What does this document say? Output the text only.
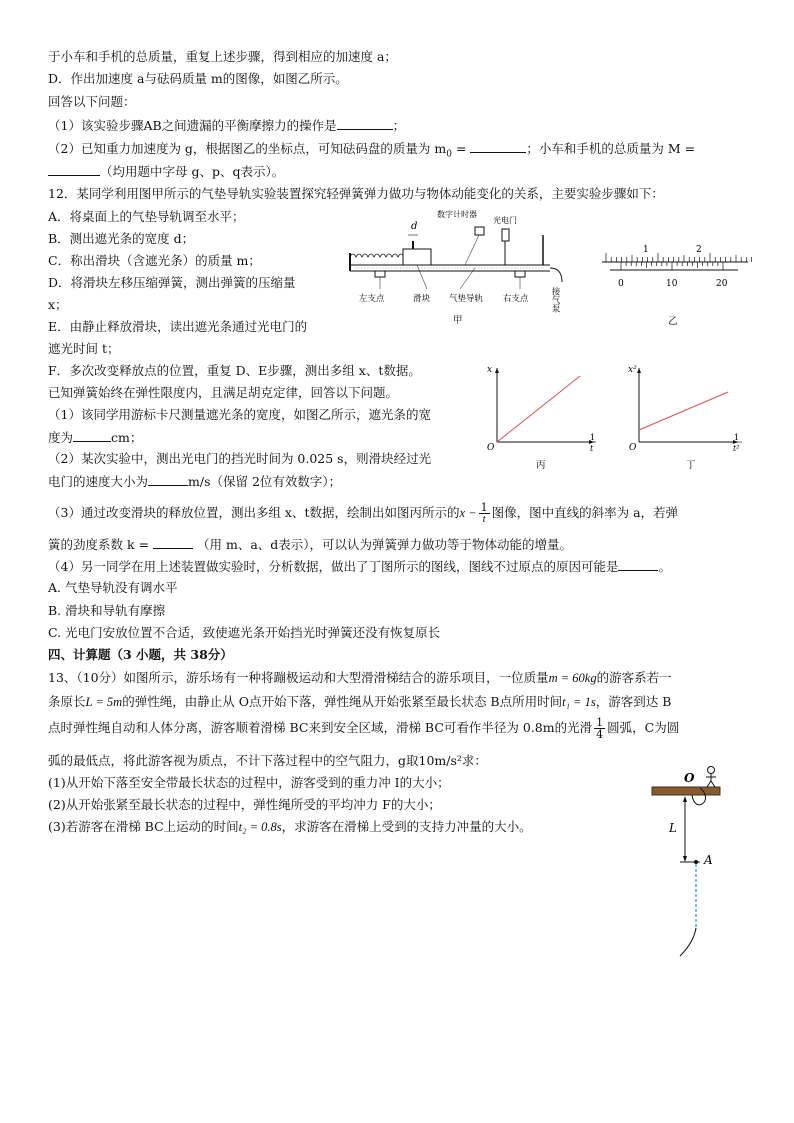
于小车和手机的总质量，重复上述步骤，得到相应的加速度 a；
D．作出加速度 a与砝码质量 m的图像，如图乙所示。
回答以下问题：
（1）该实验步骤AB之间遗漏的平衡摩擦力的操作是	；
（2）已知重力加速度为 g，根据图乙的坐标点，可知砝码盘的质量为 $m_0$ =	；小车和手机的总质量为 M =
（均用题中字母 g、p、q表示）。
12．某同学利用图甲所示的气垫导轨实验装置探究轻弹簧弹力做功与物体动能变化的关系，主要实验步骤如下：
A．将桌面上的气垫导轨调至水平；
B．测出遮光条的宽度 d；
C．称出滑块（含遮光条）的质量 m；
D．将滑块左移压缩弹簧，测出弹簧的压缩量
x；
E．由静止释放滑块，读出遮光条通过光电门的
遮光时间 t；
F．多次改变释放点的位置，重复 D、E步骤，测出多组 x、t数据。
已知弹簧始终在弹性限度内，且满足胡克定律，回答以下问题。
（1）该同学用游标卡尺测量遮光条的宽度，如图乙所示，遮光条的宽
度为	cm；
（2）某次实验中，测出光电门的挡光时间为 0.025 s，则滑块经过光
电门的速度大小为	m/s（保留 2位有效数字）；
（3）通过改变滑块的释放位置，测出多组 x、t数据，绘制出如图丙所示的$x - \frac{1}{t}$ 图像，图中直线的斜率为 a，若弹
簧的劲度系数 k =	（用 m、a、d表示），可以认为弹簧弹力做功等于物体动能的增量。
（4）另一同学在用上述装置做实验时，分析数据，做出了丁图所示的图线，图线不过原点的原因可能是	。
A. 气垫导轨没有调水平
B. 滑块和导轨有摩擦
C. 光电门安放位置不合适，致使遮光条开始挡光时弹簧还没有恢复原长
四、计算题（3 小题，共 38分）
13、（10分）如图所示，游乐场有一种将蹦极运动和大型滑滑梯结合的游乐项目，一位质量m = 60kg的游客系若一
条原长L = 5m的弹性绳，由静止从 O点开始下落，弹性绳从开始张紧至最长状态 B点所用时间t₁ = 1s，游客到达 B
点时弹性绳自动和人体分离，游客顺着滑梯 BC来到安全区域，滑梯 BC可看作半径为 0.8m的光滑 $\frac{1}{4}$ 圆弧，C为圆
弧的最低点，将此游客视为质点，不计下落过程中的空气阻力，g取10m/s²求：
(1)从开始下落至安全带最长状态的过程中，游客受到的重力冲 I的大小；
(2)从开始张紧至最长状态的过程中，弹性绳所受的平均冲力 F的大小；
(3)若游客在滑梯 BC上运动的时间t₂ = 0.8s，求游客在滑梯上受到的支持力冲量的大小。
d
数字计时器
光电门
左支点	滑块 气垫导轨 右支点	接气泵
甲
1	2
0	10	20
乙
x
O
1
t
丙
x²
O
1
t²
丁
O
L
A
